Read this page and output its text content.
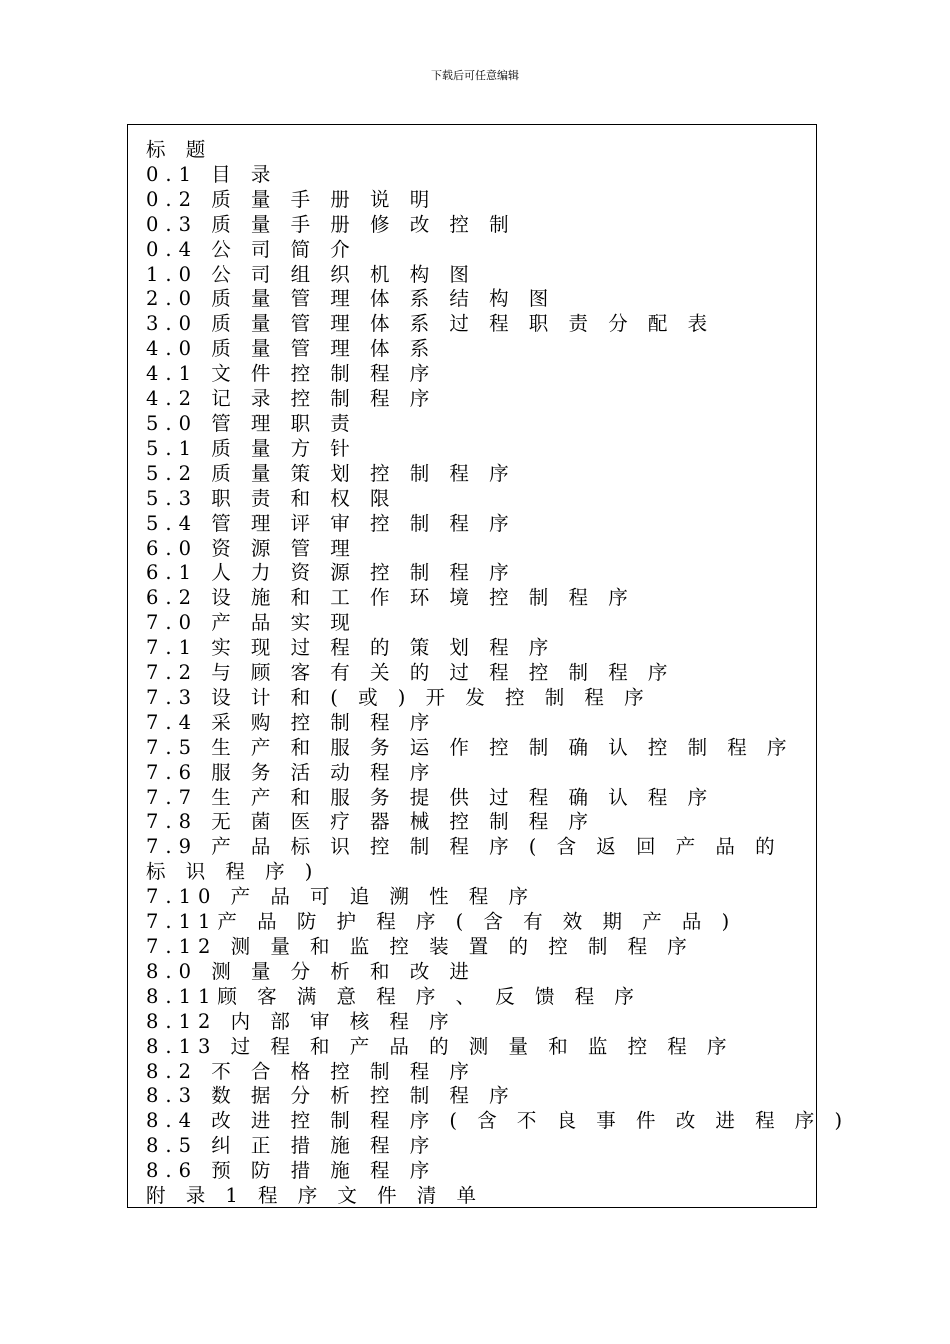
下载后可任意编辑
标 题
0.1 目 录
0.2 质 量 手 册 说 明
0.3 质 量 手 册 修 改 控 制
0.4 公 司 简 介
1.0 公 司 组 织 机 构 图
2.0 质 量 管 理 体 系 结 构 图
3.0 质 量 管 理 体 系 过 程 职 责 分 配 表
4.0 质 量 管 理 体 系
4.1 文 件 控 制 程 序
4.2 记 录 控 制 程 序
5.0 管 理 职 责
5.1 质 量 方 针
5.2 质 量 策 划 控 制 程 序
5.3 职 责 和 权 限
5.4 管 理 评 审 控 制 程 序
6.0 资 源 管 理
6.1 人 力 资 源 控 制 程 序
6.2 设 施 和 工 作 环 境 控 制 程 序
7.0 产 品 实 现
7.1 实 现 过 程 的 策 划 程 序
7.2 与 顾 客 有 关 的 过 程 控 制 程 序
7.3 设 计 和 ( 或 ) 开 发 控 制 程 序
7.4 采 购 控 制 程 序
7.5 生 产 和 服 务 运 作 控 制 确 认 控 制 程 序
7.6 服 务 活 动 程 序
7.7 生 产 和 服 务 提 供 过 程 确 认 程 序
7.8 无 菌 医 疗 器 械 控 制 程 序
7.9 产 品 标 识 控 制 程 序 ( 含 返 回 产 品 的 标 识 程 序 )
7.10 产 品 可 追 溯 性 程 序
7.11产 品 防 护 程 序 ( 含 有 效 期 产 品 )
7.12 测 量 和 监 控 装 置 的 控 制 程 序
8.0 测 量 分 析 和 改 进
8.11顾 客 满 意 程 序 、 反 馈 程 序
8.12 内 部 审 核 程 序
8.13 过 程 和 产 品 的 测 量 和 监 控 程 序
8.2 不 合 格 控 制 程 序
8.3 数 据 分 析 控 制 程 序
8.4 改 进 控 制 程 序 ( 含 不 良 事 件 改 进 程 序 )
8.5 纠 正 措 施 程 序
8.6 预 防 措 施 程 序
附 录 1 程 序 文 件 清 单
